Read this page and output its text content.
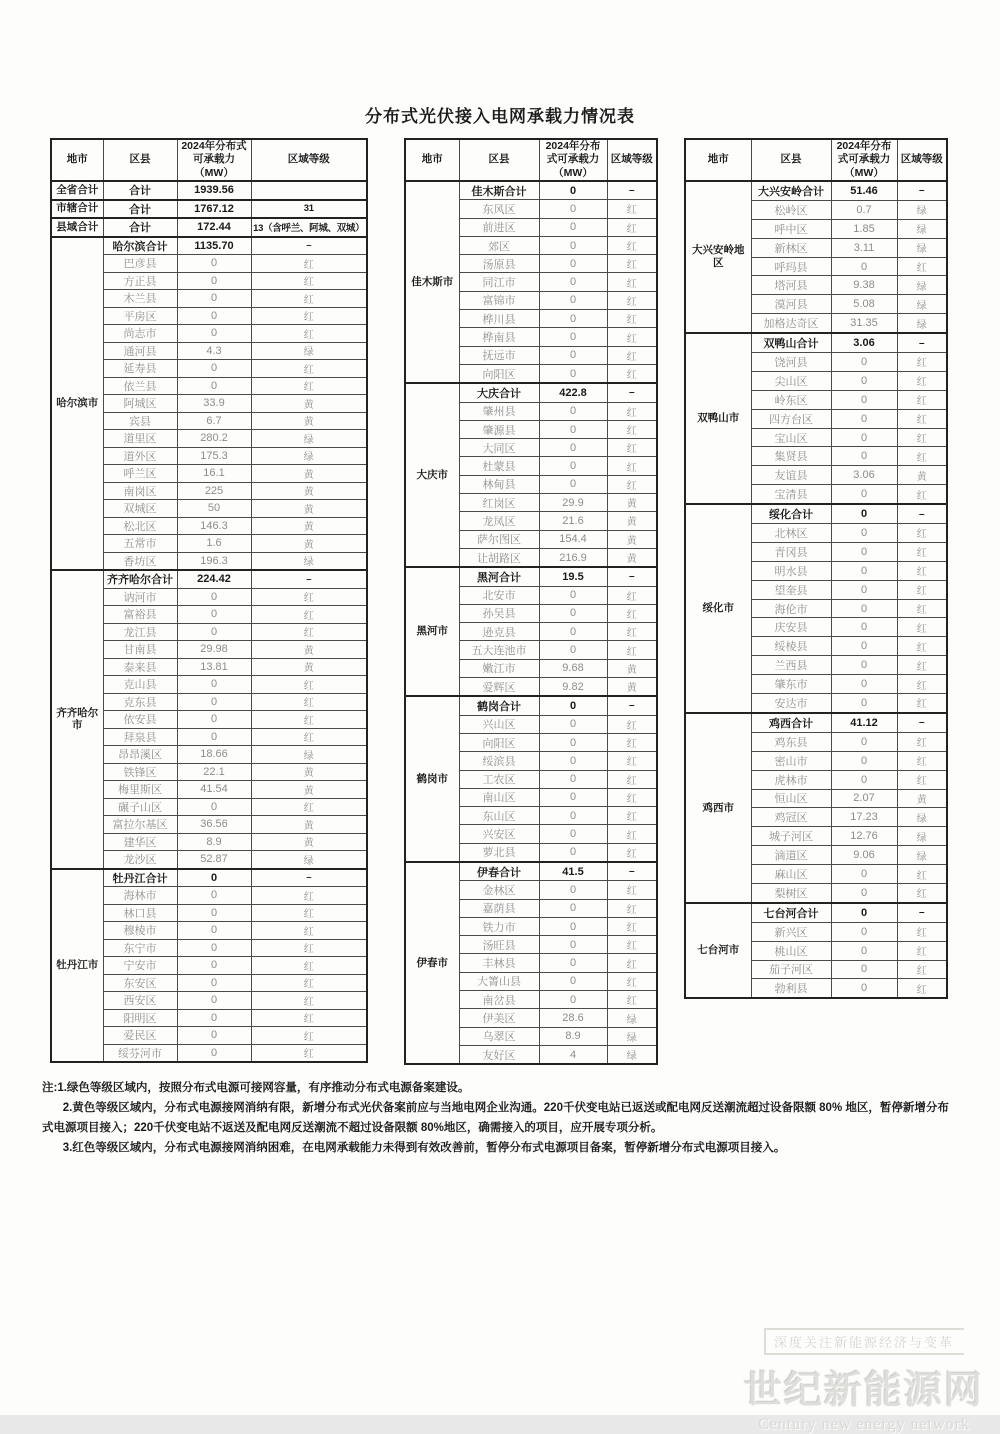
分布式光伏接入电网承载力情况表
地市	区县	2024年分布式可承载力（MW）	区域等级
全省合计	合计	1939.56	
市辖合计	合计	1767.12	31
县域合计	合计	172.44	13（含呼兰、阿城、双城）
哈尔滨市	哈尔滨合计	1135.70	–
	巴彦县	0	红
	方正县	0	红
	木兰县	0	红
	平房区	0	红
	尚志市	0	红
	通河县	4.3	绿
	延寿县	0	红
	依兰县	0	红
	阿城区	33.9	黄
	宾县	6.7	黄
	道里区	280.2	绿
	道外区	175.3	绿
	呼兰区	16.1	黄
	南岗区	225	黄
	双城区	50	黄
	松北区	146.3	黄
	五常市	1.6	黄
	香坊区	196.3	绿
齐齐哈尔市	齐齐哈尔合计	224.42	–
	讷河市	0	红
	富裕县	0	红
	龙江县	0	红
	甘南县	29.98	黄
	泰来县	13.81	黄
	克山县	0	红
	克东县	0	红
	依安县	0	红
	拜泉县	0	红
	昂昂溪区	18.66	绿
	铁锋区	22.1	黄
	梅里斯区	41.54	黄
	碾子山区	0	红
	富拉尔基区	36.56	黄
	建华区	8.9	黄
	龙沙区	52.87	绿
牡丹江市	牡丹江合计	0	–
	海林市	0	红
	林口县	0	红
	穆棱市	0	红
	东宁市	0	红
	宁安市	0	红
	东安区	0	红
	西安区	0	红
	阳明区	0	红
	爱民区	0	红
	绥芬河市	0	红
地市	区县	2024年分布式可承载力（MW）	区域等级
佳木斯市	佳木斯合计	0	–
	东风区	0	红
	前进区	0	红
	郊区	0	红
	汤原县	0	红
	同江市	0	红
	富锦市	0	红
	桦川县	0	红
	桦南县	0	红
	抚远市	0	红
	向阳区	0	红
大庆市	大庆合计	422.8	–
	肇州县	0	红
	肇源县	0	红
	大同区	0	红
	杜蒙县	0	红
	林甸县	0	红
	红岗区	29.9	黄
	龙凤区	21.6	黄
	萨尔图区	154.4	黄
	让胡路区	216.9	黄
黑河市	黑河合计	19.5	–
	北安市	0	红
	孙吴县	0	红
	逊克县	0	红
	五大连池市	0	红
	嫩江市	9.68	黄
	爱辉区	9.82	黄
鹤岗市	鹤岗合计	0	–
	兴山区	0	红
	向阳区	0	红
	绥滨县	0	红
	工农区	0	红
	南山区	0	红
	东山区	0	红
	兴安区	0	红
	萝北县	0	红
伊春市	伊春合计	41.5	–
	金林区	0	红
	嘉荫县	0	红
	铁力市	0	红
	汤旺县	0	红
	丰林县	0	红
	大箐山县	0	红
	南岔县	0	红
	伊美区	28.6	绿
	乌翠区	8.9	绿
	友好区	4	绿
地市	区县	2024年分布式可承载力（MW）	区域等级
大兴安岭地区	大兴安岭合计	51.46	–
	松岭区	0.7	绿
	呼中区	1.85	绿
	新林区	3.11	绿
	呼玛县	0	红
	塔河县	9.38	绿
	漠河县	5.08	绿
	加格达奇区	31.35	绿
双鸭山市	双鸭山合计	3.06	–
	饶河县	0	红
	尖山区	0	红
	岭东区	0	红
	四方台区	0	红
	宝山区	0	红
	集贤县	0	红
	友谊县	3.06	黄
	宝清县	0	红
绥化市	绥化合计	0	–
	北林区	0	红
	青冈县	0	红
	明水县	0	红
	望奎县	0	红
	海伦市	0	红
	庆安县	0	红
	绥棱县	0	红
	兰西县	0	红
	肇东市	0	红
	安达市	0	红
鸡西市	鸡西合计	41.12	–
	鸡东县	0	红
	密山市	0	红
	虎林市	0	红
	恒山区	2.07	黄
	鸡冠区	17.23	绿
	城子河区	12.76	绿
	滴道区	9.06	绿
	麻山区	0	红
	梨树区	0	红
七台河市	七台河合计	0	–
	新兴区	0	红
	桃山区	0	红
	茄子河区	0	红
	勃利县	0	红

注:1.绿色等级区域内，按照分布式电源可接网容量，有序推动分布式电源备案建设。

2.黄色等级区域内，分布式电源接网消纳有限，新增分布式光伏备案前应与当地电网企业沟通。220千伏变电站已返送或配电网反送潮流超过设备限额 80% 地区，暂停新增分布式电源项目接入；220千伏变电站不返送及配电网反送潮流不超过设备限额 80%地区，确需接入的项目，应开展专项分析。

3.红色等级区域内，分布式电源接网消纳困难，在电网承载能力未得到有效改善前，暂停分布式电源项目备案，暂停新增分布式电源项目接入。

深度关注新能源经济与变革
世纪新能源网
Century new energy network
